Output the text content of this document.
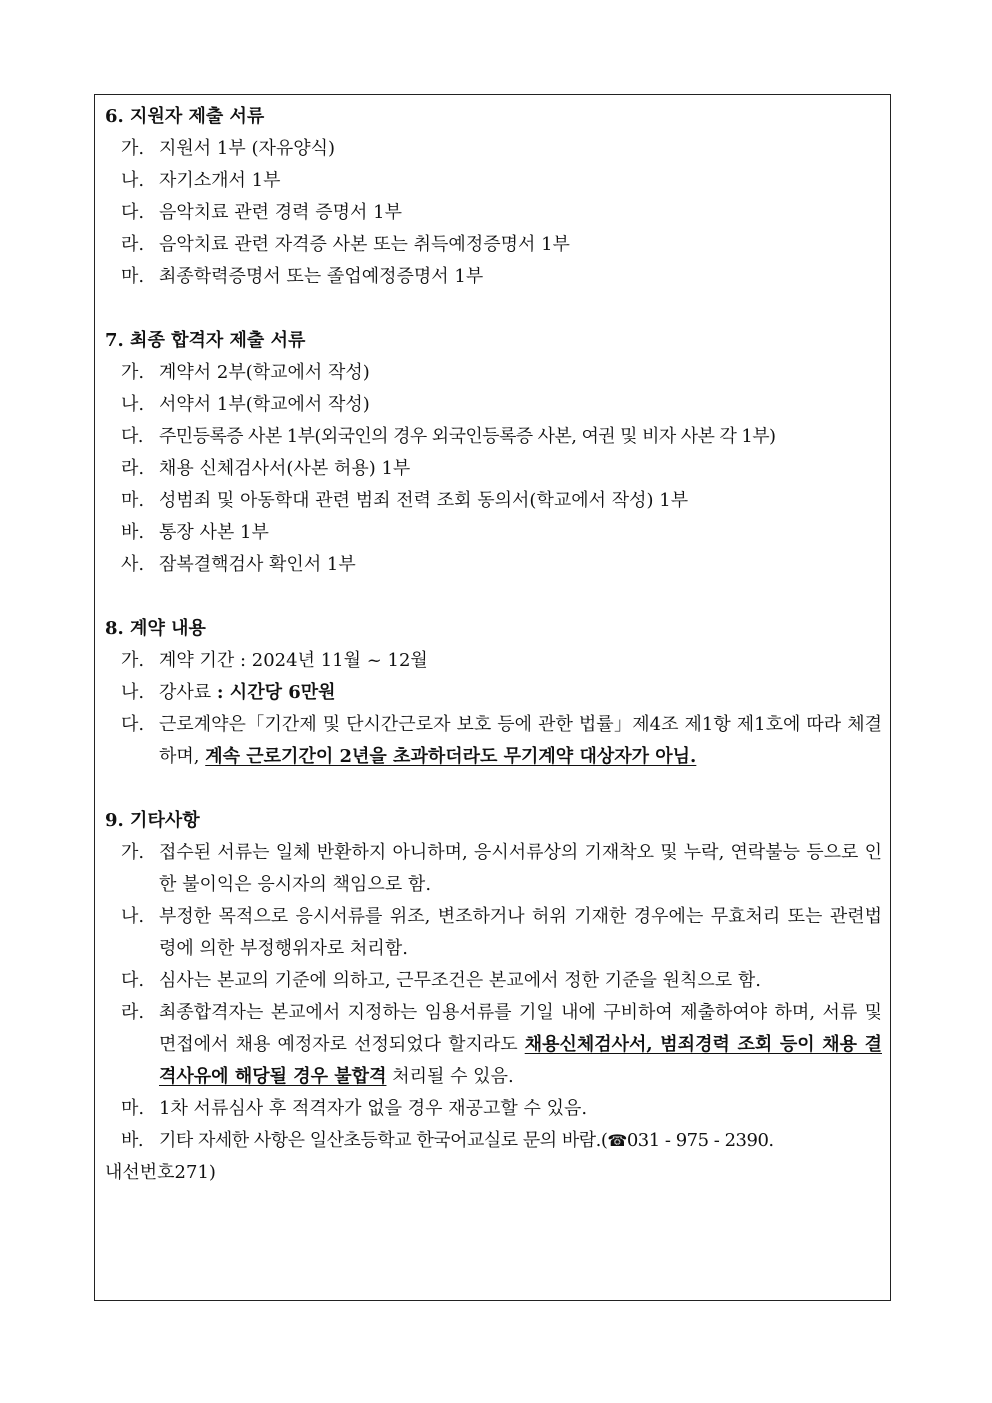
6. 지원자 제출 서류

가. 지원서 1부 (자유양식)
나. 자기소개서 1부
다. 음악치료 관련 경력 증명서 1부
라. 음악치료 관련 자격증 사본 또는 취득예정증명서 1부
마. 최종학력증명서 또는 졸업예정증명서 1부

7. 최종 합격자 제출 서류

가. 계약서 2부(학교에서 작성)
나. 서약서 1부(학교에서 작성)
다. 주민등록증 사본 1부(외국인의 경우 외국인등록증 사본, 여권 및 비자 사본 각 1부)
라. 채용 신체검사서(사본 허용) 1부
마. 성범죄 및 아동학대 관련 범죄 전력 조회 동의서(학교에서 작성) 1부
바. 통장 사본 1부
사. 잠복결핵검사 확인서 1부

8. 계약 내용

가. 계약 기간 : 2024년 11월 ~ 12월
나. 강사료 : 시간당 6만원
다. 근로계약은「기간제 및 단시간근로자 보호 등에 관한 법률」제4조 제1항 제1호에 따라 체결하며, 계속 근로기간이 2년을 초과하더라도 무기계약 대상자가 아님.

9. 기타사항

가. 접수된 서류는 일체 반환하지 아니하며, 응시서류상의 기재착오 및 누락, 연락불능 등으로 인한 불이익은 응시자의 책임으로 함.
나. 부정한 목적으로 응시서류를 위조, 변조하거나 허위 기재한 경우에는 무효처리 또는 관련법령에 의한 부정행위자로 처리함.
다. 심사는 본교의 기준에 의하고, 근무조건은 본교에서 정한 기준을 원칙으로 함.
라. 최종합격자는 본교에서 지정하는 임용서류를 기일 내에 구비하여 제출하여야 하며, 서류 및 면접에서 채용 예정자로 선정되었다 할지라도 채용신체검사서, 범죄경력 조회 등이 채용 결격사유에 해당될 경우 불합격 처리될 수 있음.
마. 1차 서류심사 후 적격자가 없을 경우 재공고할 수 있음.
바. 기타 자세한 사항은 일산초등학교 한국어교실로 문의 바람.(☎031 - 975 - 2390.

내선번호271)
